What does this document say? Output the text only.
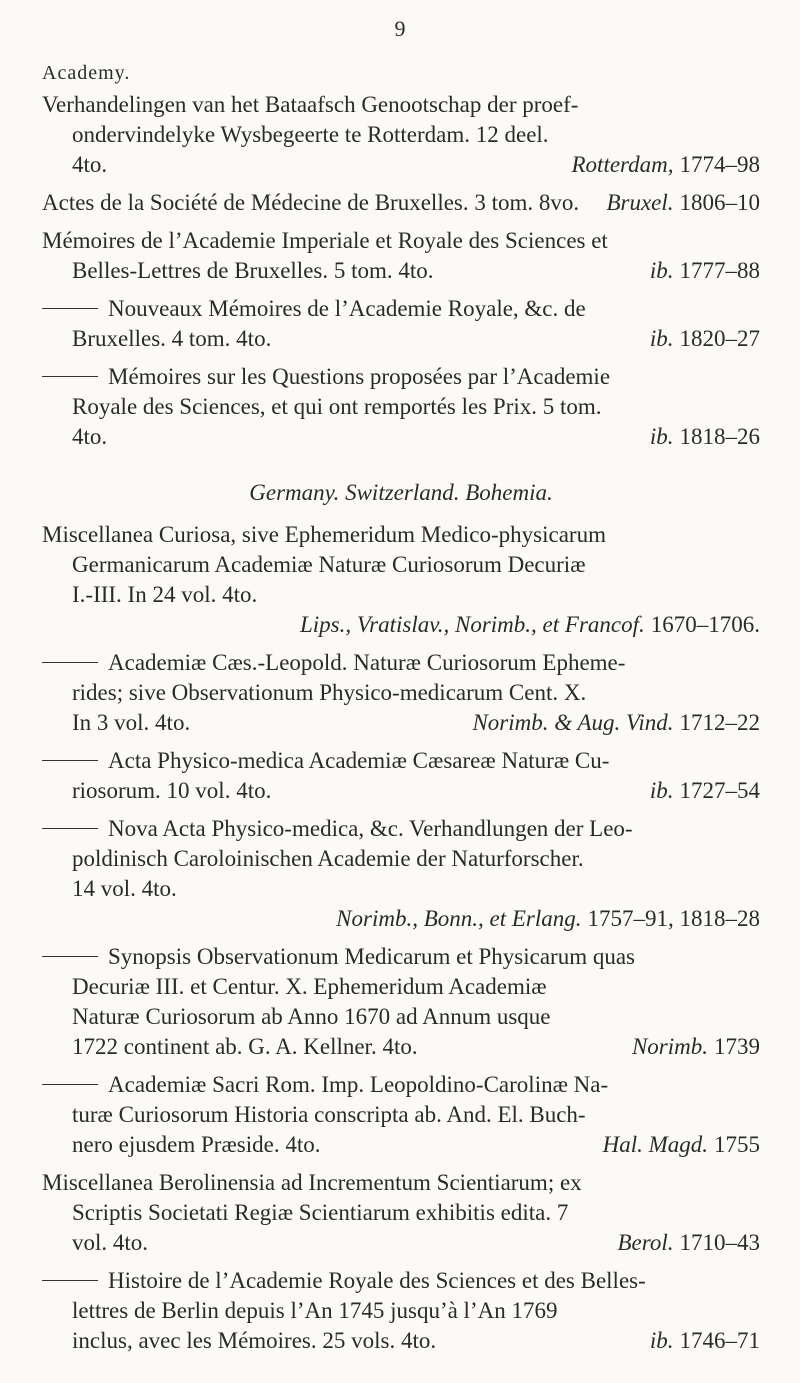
9
Academy.
Verhandelingen van het Bataafsch Genootschap der proef-
ondervindelyke Wysbegeerte te Rotterdam. 12 deel.
4to.	Rotterdam, 1774–98
Actes de la Société de Médecine de Bruxelles. 3 tom. 8vo. Bruxel. 1806–10
Mémoires de l’Academie Imperiale et Royale des Sciences et
Belles-Lettres de Bruxelles. 5 tom. 4to.	ib. 1777–88
Nouveaux Mémoires de l’Academie Royale, &c. de
Bruxelles. 4 tom. 4to.	ib. 1820–27
Mémoires sur les Questions proposées par l’Academie
Royale des Sciences, et qui ont remportés les Prix. 5 tom.
4to.	ib. 1818–26
Germany. Switzerland. Bohemia.
Miscellanea Curiosa, sive Ephemeridum Medico-physicarum
Germanicarum Academiæ Naturæ Curiosorum Decuriæ
I.-III. In 24 vol. 4to.
Lips., Vratislav., Norimb., et Francof. 1670–1706.
Academiæ Cæs.-Leopold. Naturæ Curiosorum Epheme-
rides; sive Observationum Physico-medicarum Cent. X.
In 3 vol. 4to.	Norimb. & Aug. Vind. 1712–22
Acta Physico-medica Academiæ Cæsareæ Naturæ Cu-
riosorum. 10 vol. 4to.	ib. 1727–54
Nova Acta Physico-medica, &c. Verhandlungen der Leo-
poldinisch Caroloinischen Academie der Naturforscher.
14 vol. 4to.
Norimb., Bonn., et Erlang. 1757–91, 1818–28
Synopsis Observationum Medicarum et Physicarum quas
Decuriæ III. et Centur. X. Ephemeridum Academiæ
Naturæ Curiosorum ab Anno 1670 ad Annum usque
1722 continent ab. G. A. Kellner. 4to.	Norimb. 1739
Academiæ Sacri Rom. Imp. Leopoldino-Carolinæ Na-
turæ Curiosorum Historia conscripta ab. And. El. Buch-
nero ejusdem Præside. 4to.	Hal. Magd. 1755
Miscellanea Berolinensia ad Incrementum Scientiarum; ex
Scriptis Societati Regiæ Scientiarum exhibitis edita. 7
vol. 4to.	Berol. 1710–43
Histoire de l’Academie Royale des Sciences et des Belles-
lettres de Berlin depuis l’An 1745 jusqu’à l’An 1769
inclus, avec les Mémoires. 25 vols. 4to.	ib. 1746–71
